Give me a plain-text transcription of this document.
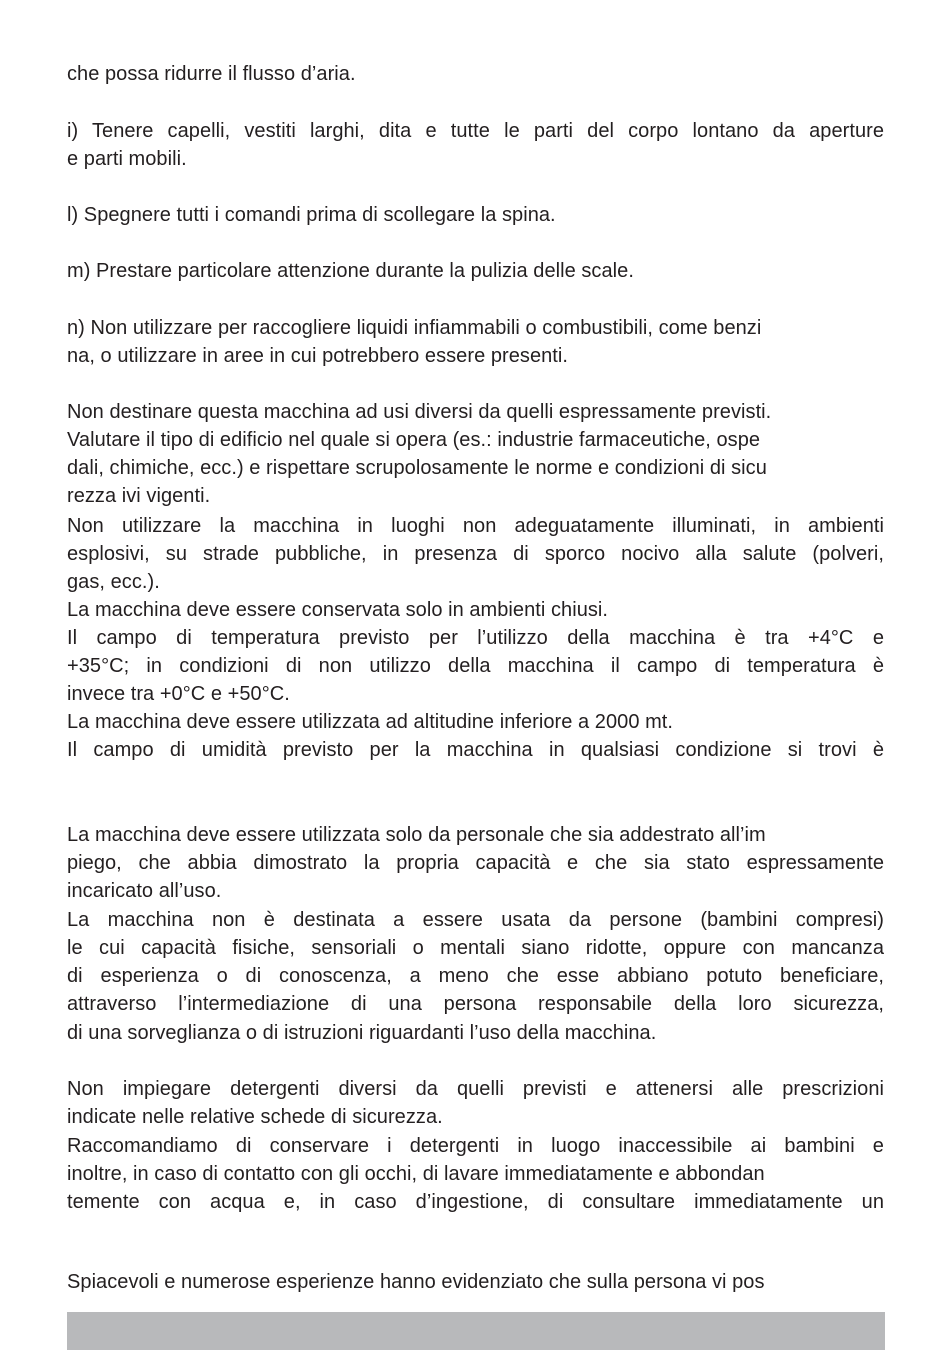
che possa ridurre il flusso d’aria.
i) Tenere capelli, vestiti larghi, dita e tutte le parti del corpo lontano da aperture
e parti mobili.
l) Spegnere tutti i comandi prima di scollegare la spina.
m) Prestare particolare attenzione durante la pulizia delle scale.
n) Non utilizzare per raccogliere liquidi infiammabili o combustibili, come benzi
na, o utilizzare in aree in cui potrebbero essere presenti.
Non destinare questa macchina ad usi diversi da quelli espressamente previsti.
Valutare il tipo di edificio nel quale si opera (es.: industrie farmaceutiche, ospe
dali, chimiche, ecc.) e rispettare scrupolosamente le norme e condizioni di sicu
rezza ivi vigenti.
Non utilizzare la macchina in luoghi non adeguatamente illuminati, in ambienti
esplosivi, su strade pubbliche, in presenza di sporco nocivo alla salute (polveri,
gas, ecc.).
La macchina deve essere conservata solo in ambienti chiusi.
Il campo di temperatura previsto per l’utilizzo della macchina è tra +4°C e
+35°C; in condizioni di non utilizzo della macchina il campo di temperatura è
invece tra +0°C e +50°C.
La macchina deve essere utilizzata ad altitudine inferiore a 2000 mt.
Il campo di umidità previsto per la macchina in qualsiasi condizione si trovi è
La macchina deve essere utilizzata solo da personale che sia addestrato all’im
piego, che abbia dimostrato la propria capacità e che sia stato espressamente
incaricato all’uso.
La macchina non è destinata a essere usata da persone (bambini compresi)
le cui capacità fisiche, sensoriali o mentali siano ridotte, oppure con mancanza
di esperienza o di conoscenza, a meno che esse abbiano potuto beneficiare,
attraverso l’intermediazione di una persona responsabile della loro sicurezza,
di una sorveglianza o di istruzioni riguardanti l’uso della macchina.
Non impiegare detergenti diversi da quelli previsti e attenersi alle prescrizioni
indicate nelle relative schede di sicurezza.
Raccomandiamo di conservare i detergenti in luogo inaccessibile ai bambini e
inoltre, in caso di contatto con gli occhi, di lavare immediatamente e abbondan
temente con acqua e, in caso d’ingestione, di consultare immediatamente un
Spiacevoli e numerose esperienze hanno evidenziato che sulla persona vi pos
